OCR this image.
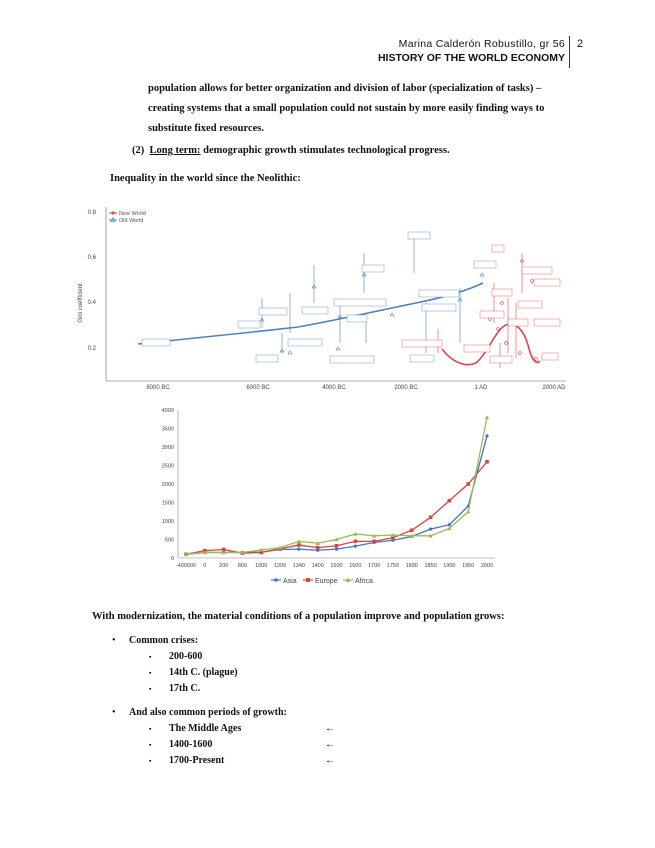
Marina Calderón Robustillo, gr 56
HISTORY OF THE WORLD ECONOMY
2
population allows for better organization and division of labor (specialization of tasks) –
creating systems that a small population could not sustain by more easily finding ways to
substitute fixed resources.
(2) Long term: demographic growth stimulates technological progress.
Inequality in the world since the Neolithic:
0.2
0.4
0.6
0.8
Gini coefficient
8000 BC	6000 BC	4000 BC	2000 BC	1 AD	2000 AD
New World
Old World
0
500
1000
1500
2000
2500
3000
3500
4000
-400000 0 200 800 1000 1200 1340 1400 1500 1600 1700 1750 1800 1850 1900 1950 2000
Asia	Europe Africa
With modernization, the material conditions of a population improve and population grows:
• Common crises:
▪ 200-600
▪ 14th C. (plague)
▪ 17th C.
• And also common periods of growth:
▪ The Middle Ages	←
▪ 1400-1600	←
▪ 1700-Present	←
